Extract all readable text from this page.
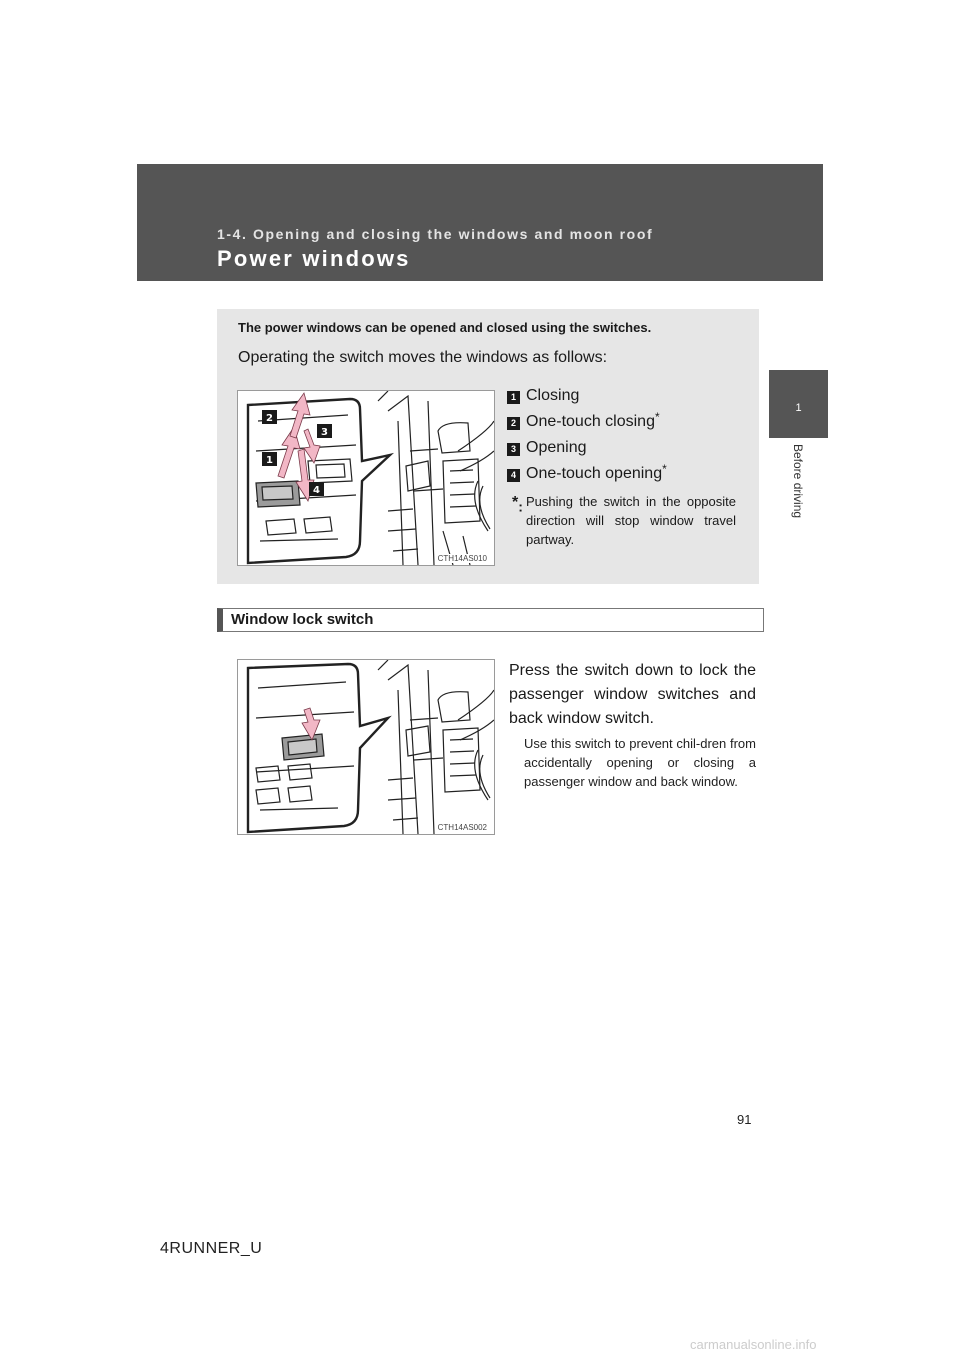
1-4. Opening and closing the windows and moon roof
Power windows
1
Before driving
The power windows can be opened and closed using the switches.
Operating the switch moves the windows as follows:
2
3
1
4
CTH14AS010
1 Closing
2 One-touch closing*
3 Opening
4 One-touch opening*
*: Pushing the switch in the opposite direction will stop window travel partway.
Window lock switch
CTH14AS002
Press the switch down to lock the passenger window switches and back window switch.
Use this switch to prevent chil-dren from accidentally opening or closing a passenger window and back window.
91
4RUNNER_U
carmanualsonline.info
